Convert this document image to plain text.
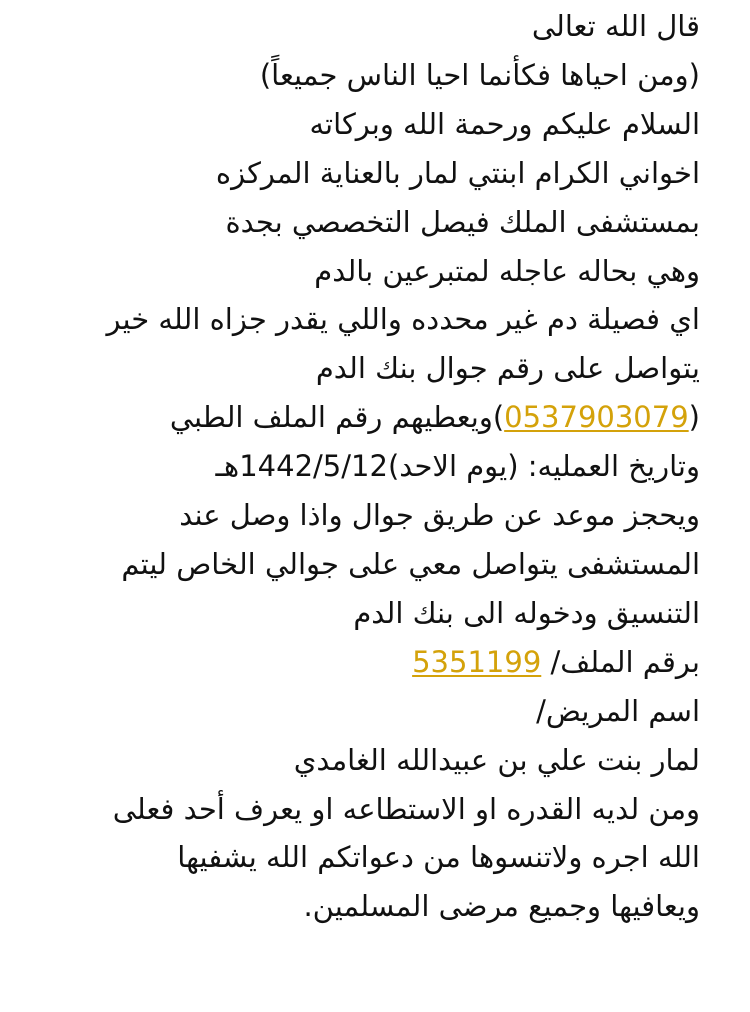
قال الله تعالى
(ومن احياها فكأنما احيا الناس جميعاً)
السلام عليكم ورحمة الله وبركاته
اخواني الكرام ابنتي لمار بالعناية المركزه
بمستشفى الملك فيصل التخصصي بجدة
وهي بحاله عاجله لمتبرعين بالدم
اي فصيلة دم غير محدده واللي يقدر جزاه الله خير
يتواصل على رقم جوال بنك الدم
(0537903079)ويعطيهم رقم الملف الطبي
وتاريخ العمليه: (يوم الاحد)1442/5/12هـ
ويحجز موعد عن طريق جوال واذا وصل عند
المستشفى يتواصل معي على جوالي الخاص ليتم
التنسيق ودخوله الى بنك الدم
برقم الملف/ 5351199
اسم المريض/
لمار بنت علي بن عبيدالله الغامدي
ومن لديه القدره او الاستطاعه او يعرف أحد فعلى
الله اجره ولاتنسوها من دعواتكم الله يشفيها
ويعافيها وجميع مرضى المسلمين.
